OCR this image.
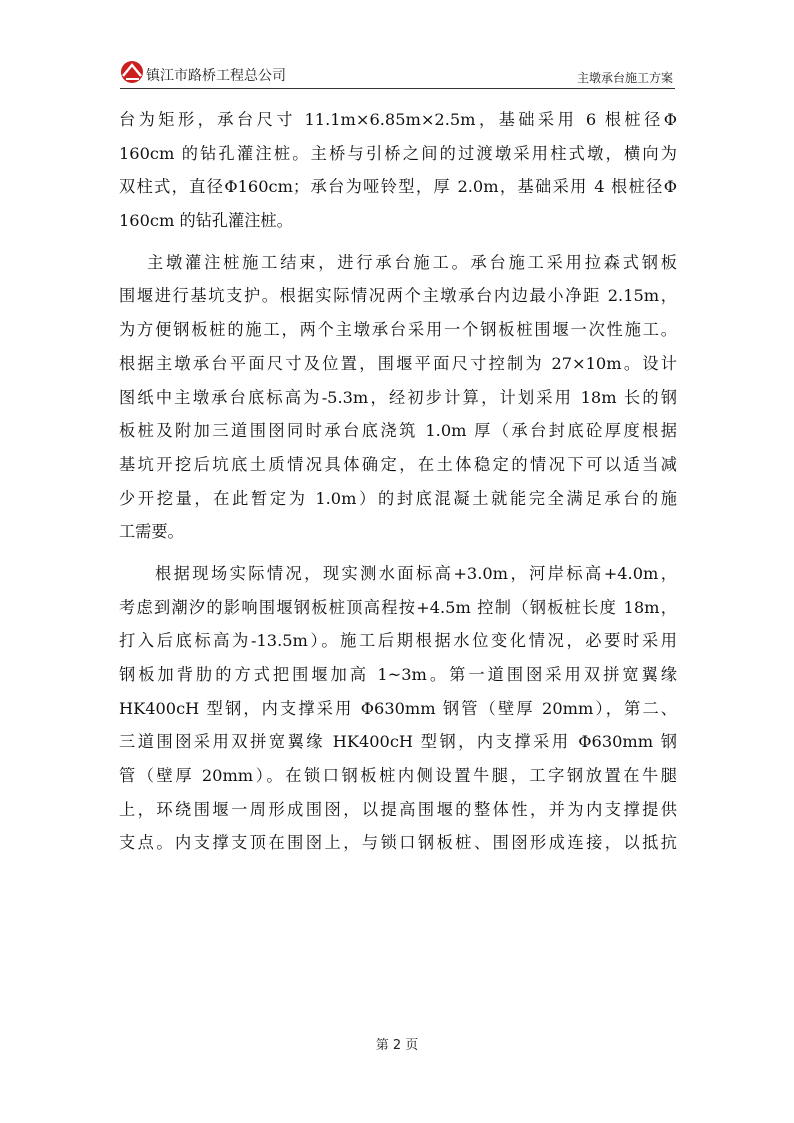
镇江市路桥工程总公司	主墩承台施工方案
台为矩形，承台尺寸 11.1m×6.85m×2.5m，基础采用 6 根桩径Φ
160cm 的钻孔灌注桩。主桥与引桥之间的过渡墩采用柱式墩，横向为
双柱式，直径Φ160cm；承台为哑铃型，厚 2.0m，基础采用 4 根桩径Φ
160cm 的钻孔灌注桩。
主墩灌注桩施工结束，进行承台施工。承台施工采用拉森式钢板
围堰进行基坑支护。根据实际情况两个主墩承台内边最小净距 2.15m，
为方便钢板桩的施工，两个主墩承台采用一个钢板桩围堰一次性施工。
根据主墩承台平面尺寸及位置，围堰平面尺寸控制为 27×10m。设计
图纸中主墩承台底标高为-5.3m，经初步计算，计划采用 18m 长的钢
板桩及附加三道围囹同时承台底浇筑 1.0m 厚（承台封底砼厚度根据
基坑开挖后坑底土质情况具体确定，在土体稳定的情况下可以适当减
少开挖量，在此暂定为 1.0m）的封底混凝土就能完全满足承台的施
工需要。
根据现场实际情况，现实测水面标高+3.0m，河岸标高+4.0m，
考虑到潮汐的影响围堰钢板桩顶高程按+4.5m 控制（钢板桩长度 18m，
打入后底标高为-13.5m）。施工后期根据水位变化情况，必要时采用
钢板加背肋的方式把围堰加高 1~3m。第一道围囹采用双拼宽翼缘
HK400cH 型钢，内支撑采用 Φ630mm 钢管（壁厚 20mm），第二、
三道围囹采用双拼宽翼缘 HK400cH 型钢，内支撑采用 Φ630mm 钢
管（壁厚 20mm）。在锁口钢板桩内侧设置牛腿，工字钢放置在牛腿
上，环绕围堰一周形成围囹，以提高围堰的整体性，并为内支撑提供
支点。内支撑支顶在围囹上，与锁口钢板桩、围囹形成连接，以抵抗
第 2 页
